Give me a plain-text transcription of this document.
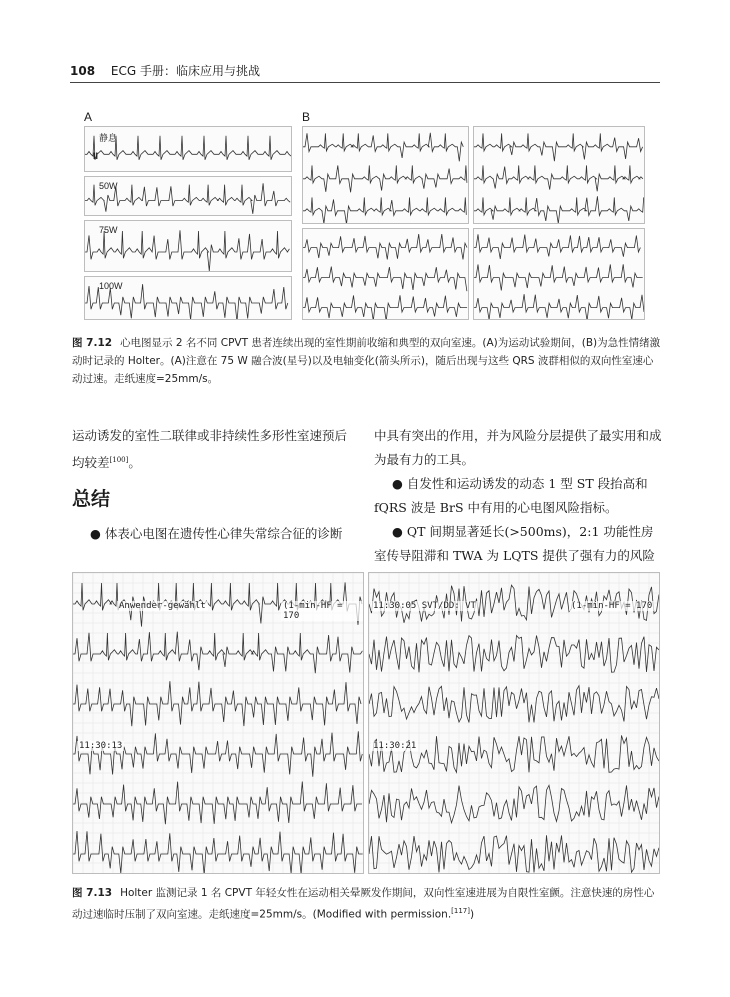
108 ECG 手册：临床应用与挑战
A	B
静息
II
50W
75W
100W
图 7.12 心电图显示 2 名不同 CPVT 患者连续出现的室性期前收缩和典型的双向室速。(A)为运动试验期间，(B)为急性情绪激动时记录的 Holter。(A)注意在 75 W 融合波(星号)以及电轴变化(箭头所示)，随后出现与这些 QRS 波群相似的双向性室速心动过速。走纸速度=25mm/s。
运动诱发的室性二联律或非持续性多形性室速预后均较差[100]。
总结
● 体表心电图在遗传性心律失常综合征的诊断
中具有突出的作用，并为风险分层提供了最实用和成为最有力的工具。
● 自发性和运动诱发的动态 1 型 ST 段抬高和 fQRS 波是 BrS 中有用的心电图风险指标。
● QT 间期显著延长(>500ms)，2:1 功能性房室传导阻滞和 TWA 为 LQTS 提供了强有力的风险
Anwender-gewählt	(1-min-HF = 170
11:30:13
11:30:05 SVT/DD: VT	(1-min-HF = 170
11:30:21
图 7.13 Holter 监测记录 1 名 CPVT 年轻女性在运动相关晕厥发作期间，双向性室速进展为自限性室颤。注意快速的房性心动过速临时压制了双向室速。走纸速度=25mm/s。(Modified with permission.[117])
